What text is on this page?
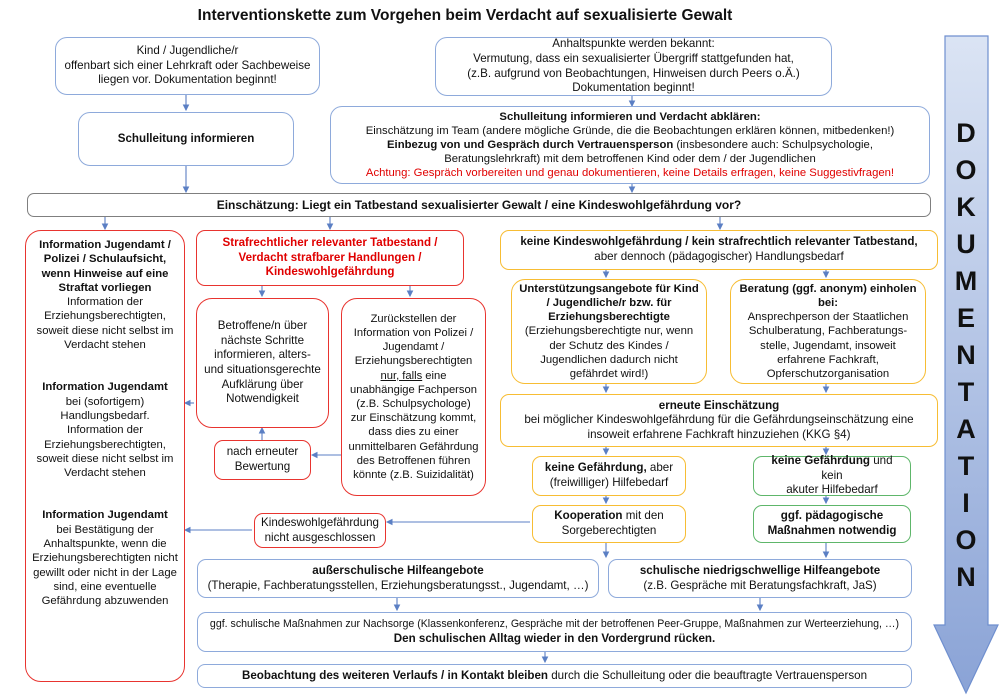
Interventionskette zum Vorgehen beim Verdacht auf sexualisierte Gewalt
D
O
K
U
M
E
N
T
A
T
I
O
N

Kind / Jugendliche/r

offenbart sich einer Lehrkraft oder Sachbeweise

liegen vor. Dokumentation beginnt!

Anhaltspunkte werden bekannt:

Vermutung, dass ein sexualisierter Übergriff stattgefunden hat,

(z.B. aufgrund von Beobachtungen, Hinweisen durch Peers o.Ä.)

Dokumentation beginnt!

Schulleitung informieren

Schulleitung informieren und Verdacht abklären:

Einschätzung im Team (andere mögliche Gründe, die die Beobachtungen erklären können, mitbedenken!)

Einbezug von und Gespräch durch Vertrauensperson (insbesondere auch: Schulpsychologie,

Beratungslehrkraft) mit dem betroffenen Kind oder dem / der Jugendlichen

Achtung: Gespräch vorbereiten und genau dokumentieren, keine Details erfragen, keine Suggestivfragen!

Einschätzung: Liegt ein Tatbestand sexualisierter Gewalt / eine Kindeswohlgefährdung vor?

Information Jugendamt / Polizei / Schulaufsicht, wenn Hinweise auf eine Straftat vorliegen

Information der Erziehungsberechtigten, soweit diese nicht selbst im Verdacht stehen

Information Jugendamt

bei (sofortigem) Handlungsbedarf. Information der Erziehungsberechtigten, soweit diese nicht selbst im Verdacht stehen

Information Jugendamt

bei Bestätigung der Anhaltspunkte, wenn die Erziehungsberechtigten nicht gewillt oder nicht in der Lage sind, eine eventuelle Gefährdung abzuwenden

Strafrechtlicher relevanter Tatbestand / Verdacht strafbarer Handlungen / Kindeswohlgefährdung

Betroffene/n über nächste Schritte informieren, alters- und situationsgerechte Aufklärung über Notwendigkeit

Zurückstellen der Information von Polizei / Jugendamt / Erziehungsberechtigten nur, falls eine unabhängige Fachperson (z.B. Schulpsychologe) zur Einschätzung kommt, dass dies zu einer unmittelbaren Gefährdung des Betroffenen führen könnte (z.B. Suizidalität)

nach erneuter Bewertung

keine Kindeswohlgefährdung / kein strafrechtlich relevanter Tatbestand,

aber dennoch (pädagogischer) Handlungsbedarf

Unterstützungsangebote für Kind / Jugendliche/r bzw. für Erziehungsberechtigte

(Erziehungsberechtigte nur, wenn der Schutz des Kindes / Jugendlichen dadurch nicht gefährdet wird!)

Beratung (ggf. anonym) einholen bei:

Ansprechperson der Staatlichen Schulberatung, Fachberatungs-stelle, Jugendamt, insoweit erfahrene Fachkraft, Opferschutzorganisation

erneute Einschätzung

bei möglicher Kindeswohlgefährdung für die Gefährdungseinschätzung eine insoweit erfahrene Fachkraft hinzuziehen (KKG §4)

keine Gefährdung, aber

(freiwilliger) Hilfebedarf

keine Gefährdung und kein

akuter Hilfebedarf

Kindeswohlgefährdung nicht ausgeschlossen

Kooperation mit den

Sorgeberechtigten

ggf. pädagogische Maßnahmen notwendig

außerschulische Hilfeangebote

(Therapie, Fachberatungsstellen, Erziehungsberatungsst., Jugendamt, …)

schulische niedrigschwellige Hilfeangebote

(z.B. Gespräche mit Beratungsfachkraft, JaS)

ggf. schulische Maßnahmen zur Nachsorge (Klassenkonferenz, Gespräche mit der betroffenen Peer-Gruppe, Maßnahmen zur Werteerziehung, …)

Den schulischen Alltag wieder in den Vordergrund rücken.

Beobachtung des weiteren Verlaufs / in Kontakt bleiben durch die Schulleitung oder die beauftragte Vertrauensperson
